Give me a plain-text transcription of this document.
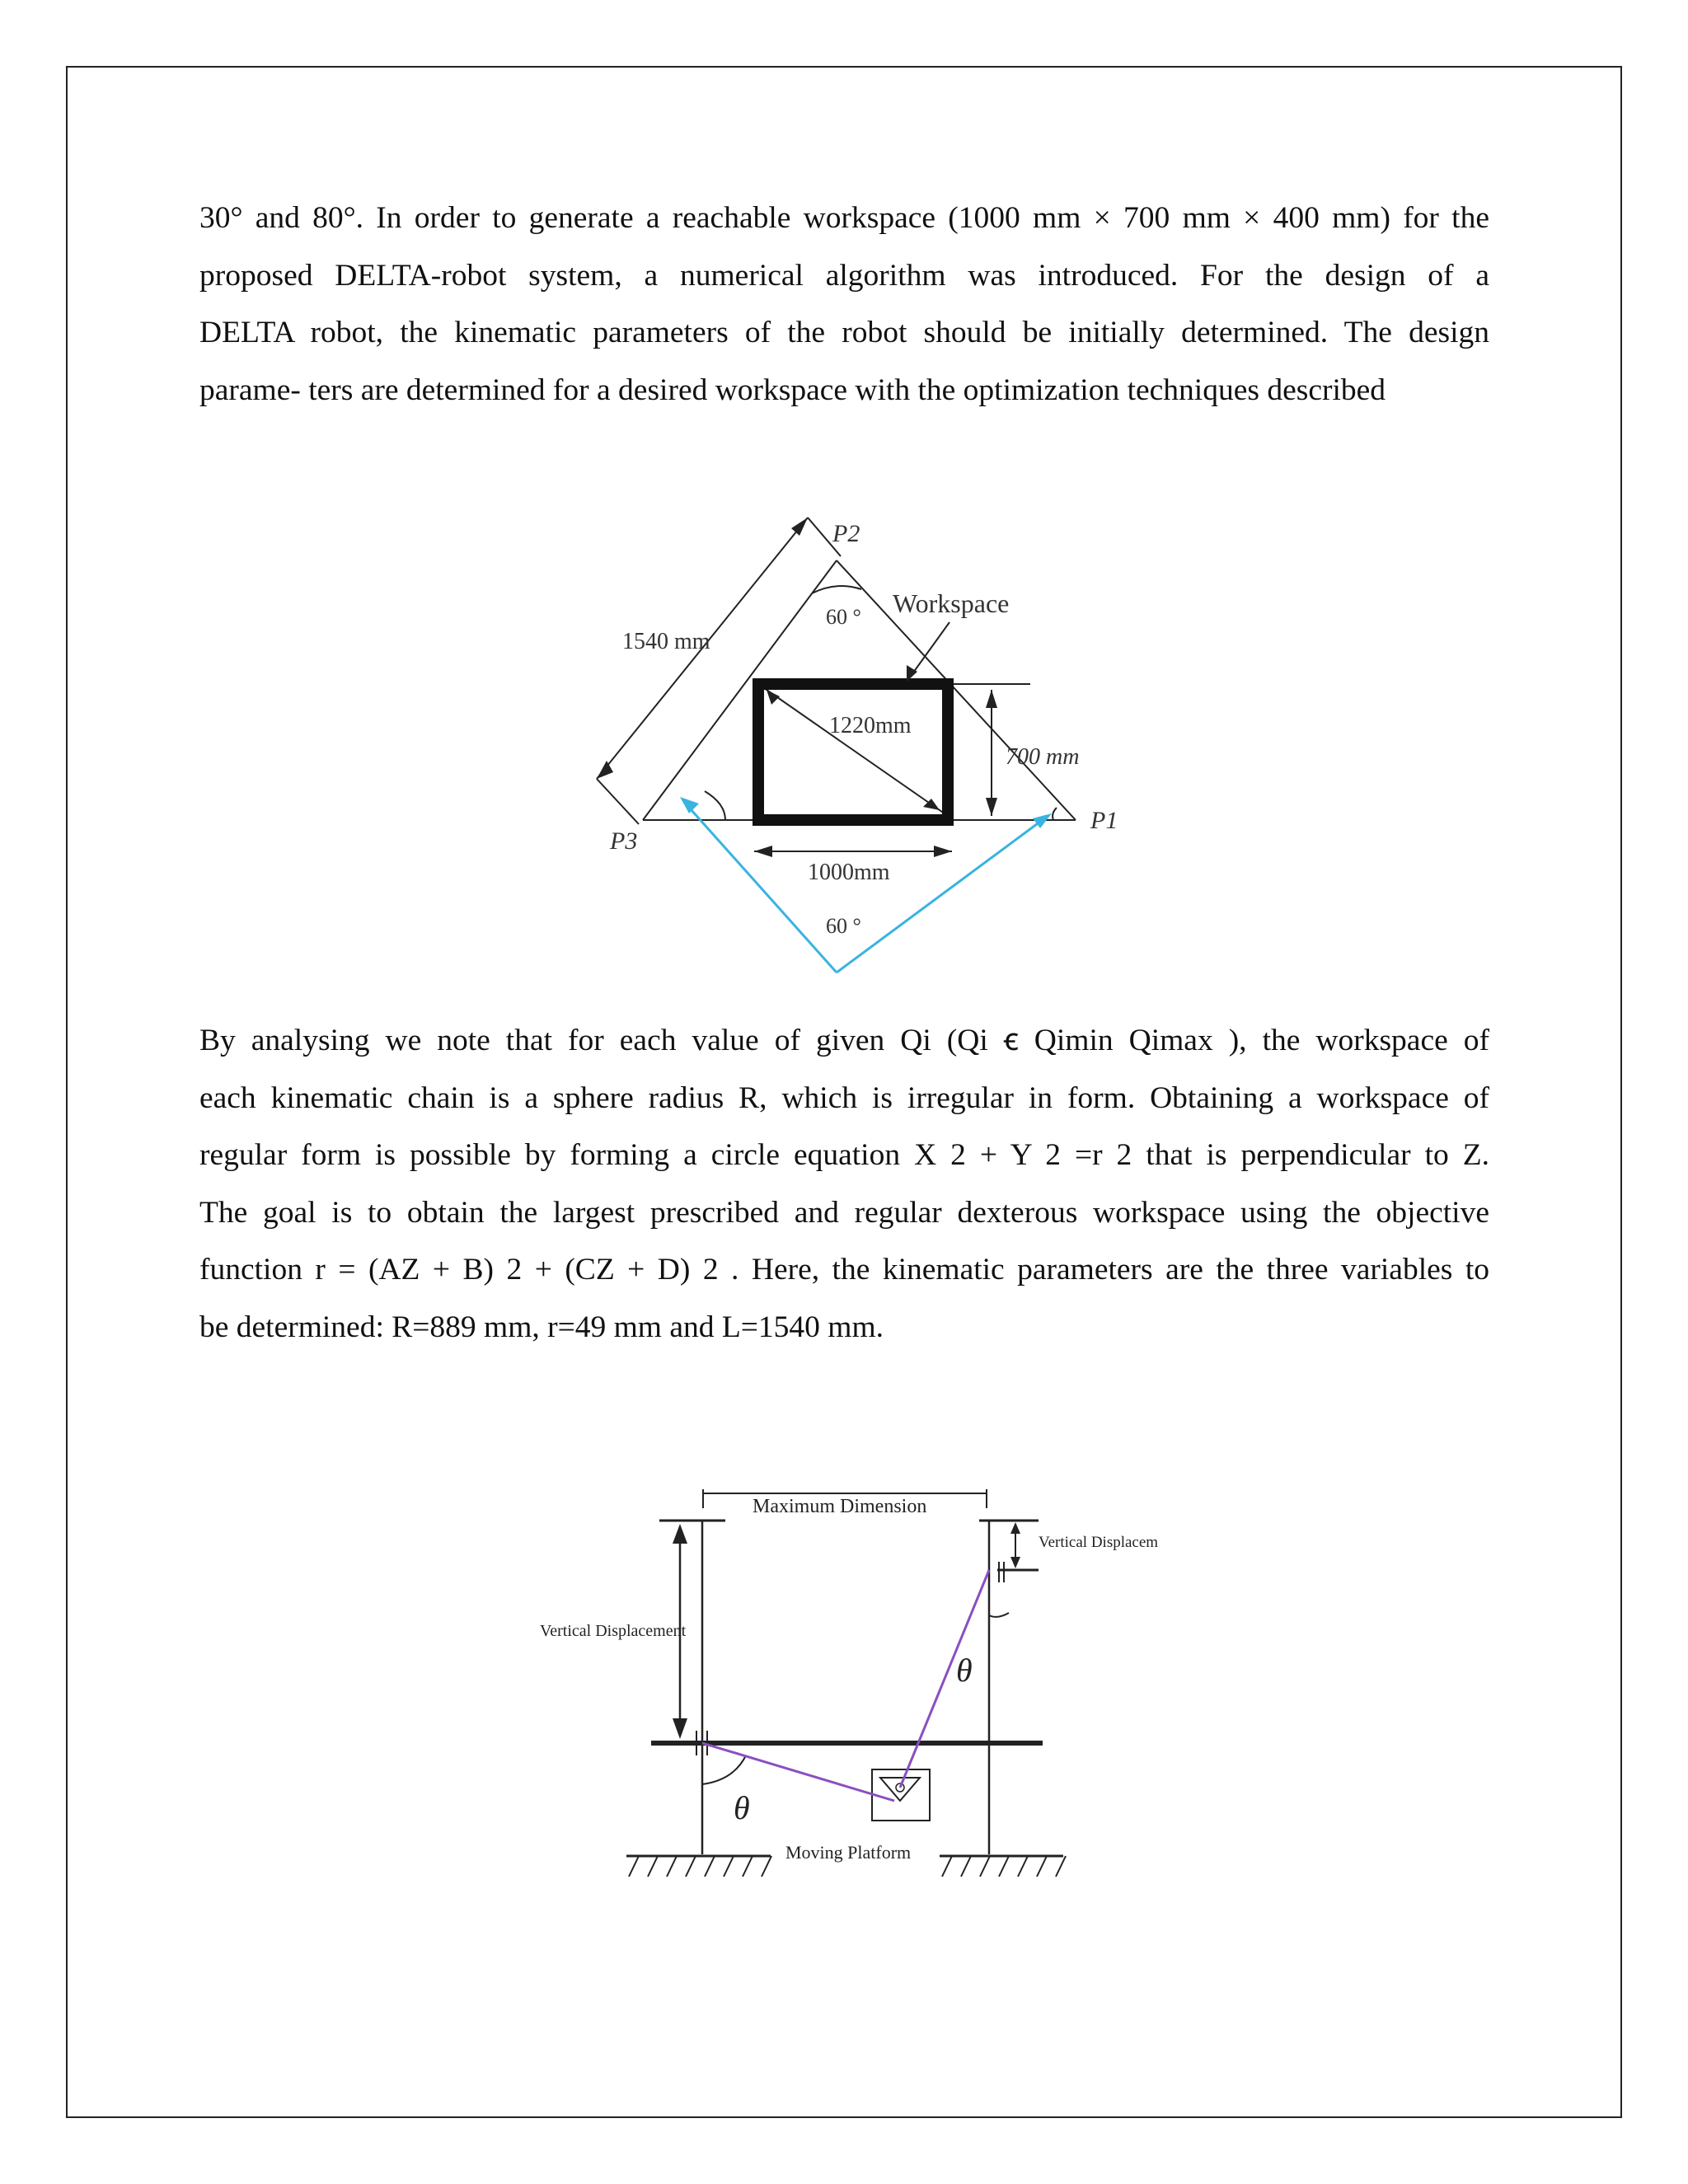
30° and 80°. In order to generate a reachable workspace (1000 mm × 700 mm × 400 mm) for the
proposed DELTA-robot system, a numerical algorithm was introduced. For the design of a
DELTA robot, the kinematic parameters of the robot should be initially determined. The design
parame- ters are determined for a desired workspace with the optimization techniques described
P2
P1
P3
60 °
60 °
Workspace
1540 mm
1220mm
700 mm
1000mm
By analysing we note that for each value of given Qi (Qi ꞓ Qimin Qimax ), the workspace of
each kinematic chain is a sphere radius R, which is irregular in form. Obtaining a workspace of
regular form is possible by forming a circle equation X 2 + Y 2 =r 2 that is perpendicular to Z.
The goal is to obtain the largest prescribed and regular dexterous workspace using the objective
function r = (AZ + B) 2 + (CZ + D) 2 . Here, the kinematic parameters are the three variables to
be determined: R=889 mm, r=49 mm and L=1540 mm.
Maximum Dimension
Vertical Displacement
Vertical Displacem
θ
θ
Moving Platform
